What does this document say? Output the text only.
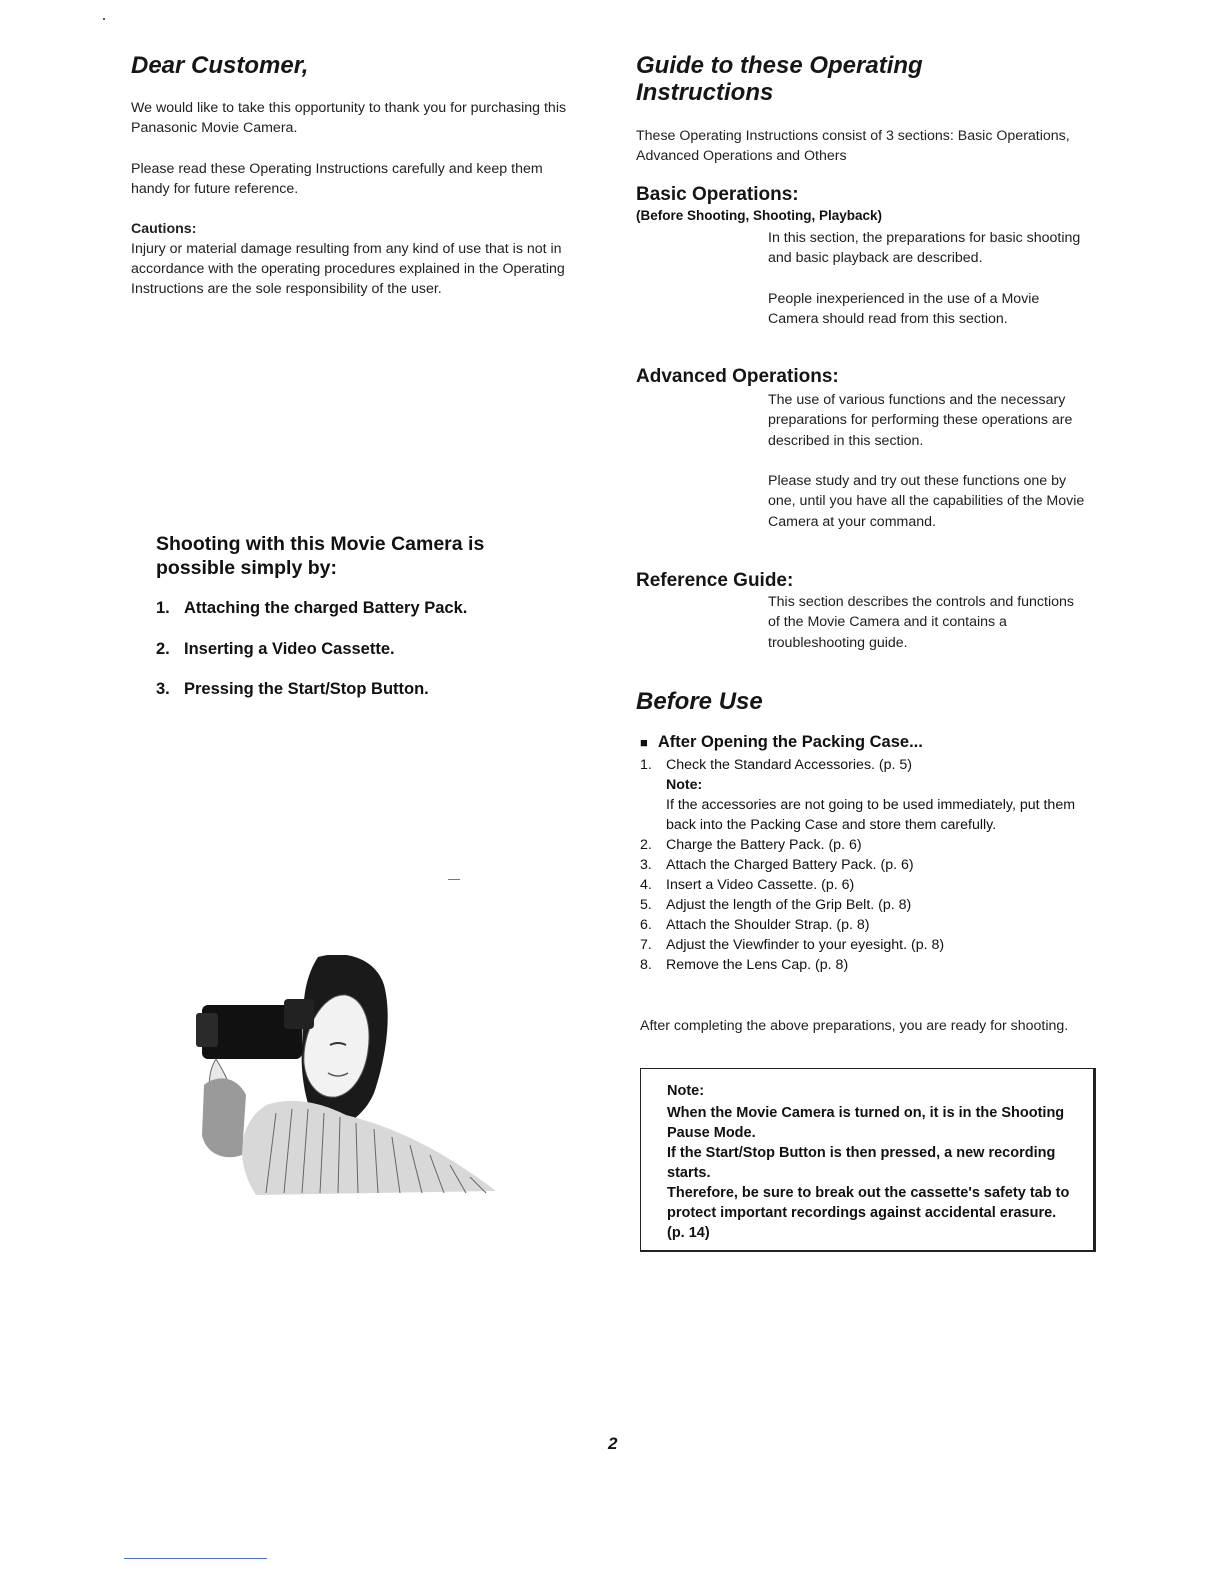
Dear Customer,
We would like to take this opportunity to thank you for purchasing this Panasonic Movie Camera.
Please read these Operating Instructions carefully and keep them handy for future reference.
Cautions:
Injury or material damage resulting from any kind of use that is not in accordance with the operating procedures explained in the Operating Instructions are the sole responsibility of the user.
Shooting with this Movie Camera is possible simply by:
1. Attaching the charged Battery Pack.
2. Inserting a Video Cassette.
3. Pressing the Start/Stop Button.
Guide to these Operating Instructions
These Operating Instructions consist of 3 sections: Basic Operations, Advanced Operations and Others
Basic Operations:
(Before Shooting, Shooting, Playback)
In this section, the preparations for basic shooting and basic playback are described.
People inexperienced in the use of a Movie Camera should read from this section.
Advanced Operations:
The use of various functions and the necessary preparations for performing these operations are described in this section.
Please study and try out these functions one by one, until you have all the capabilities of the Movie Camera at your command.
Reference Guide:
This section describes the controls and functions of the Movie Camera and it contains a troubleshooting guide.
Before Use
■ After Opening the Packing Case...
1. Check the Standard Accessories. (p. 5)
Note:
If the accessories are not going to be used immediately, put them back into the Packing Case and store them carefully.
2. Charge the Battery Pack. (p. 6)
3. Attach the Charged Battery Pack. (p. 6)
4. Insert a Video Cassette. (p. 6)
5. Adjust the length of the Grip Belt. (p. 8)
6. Attach the Shoulder Strap. (p. 8)
7. Adjust the Viewfinder to your eyesight. (p. 8)
8. Remove the Lens Cap. (p. 8)
After completing the above preparations, you are ready for shooting.
Note:
When the Movie Camera is turned on, it is in the Shooting Pause Mode.
If the Start/Stop Button is then pressed, a new recording starts.
Therefore, be sure to break out the cassette's safety tab to protect important recordings against accidental erasure. (p. 14)
2
